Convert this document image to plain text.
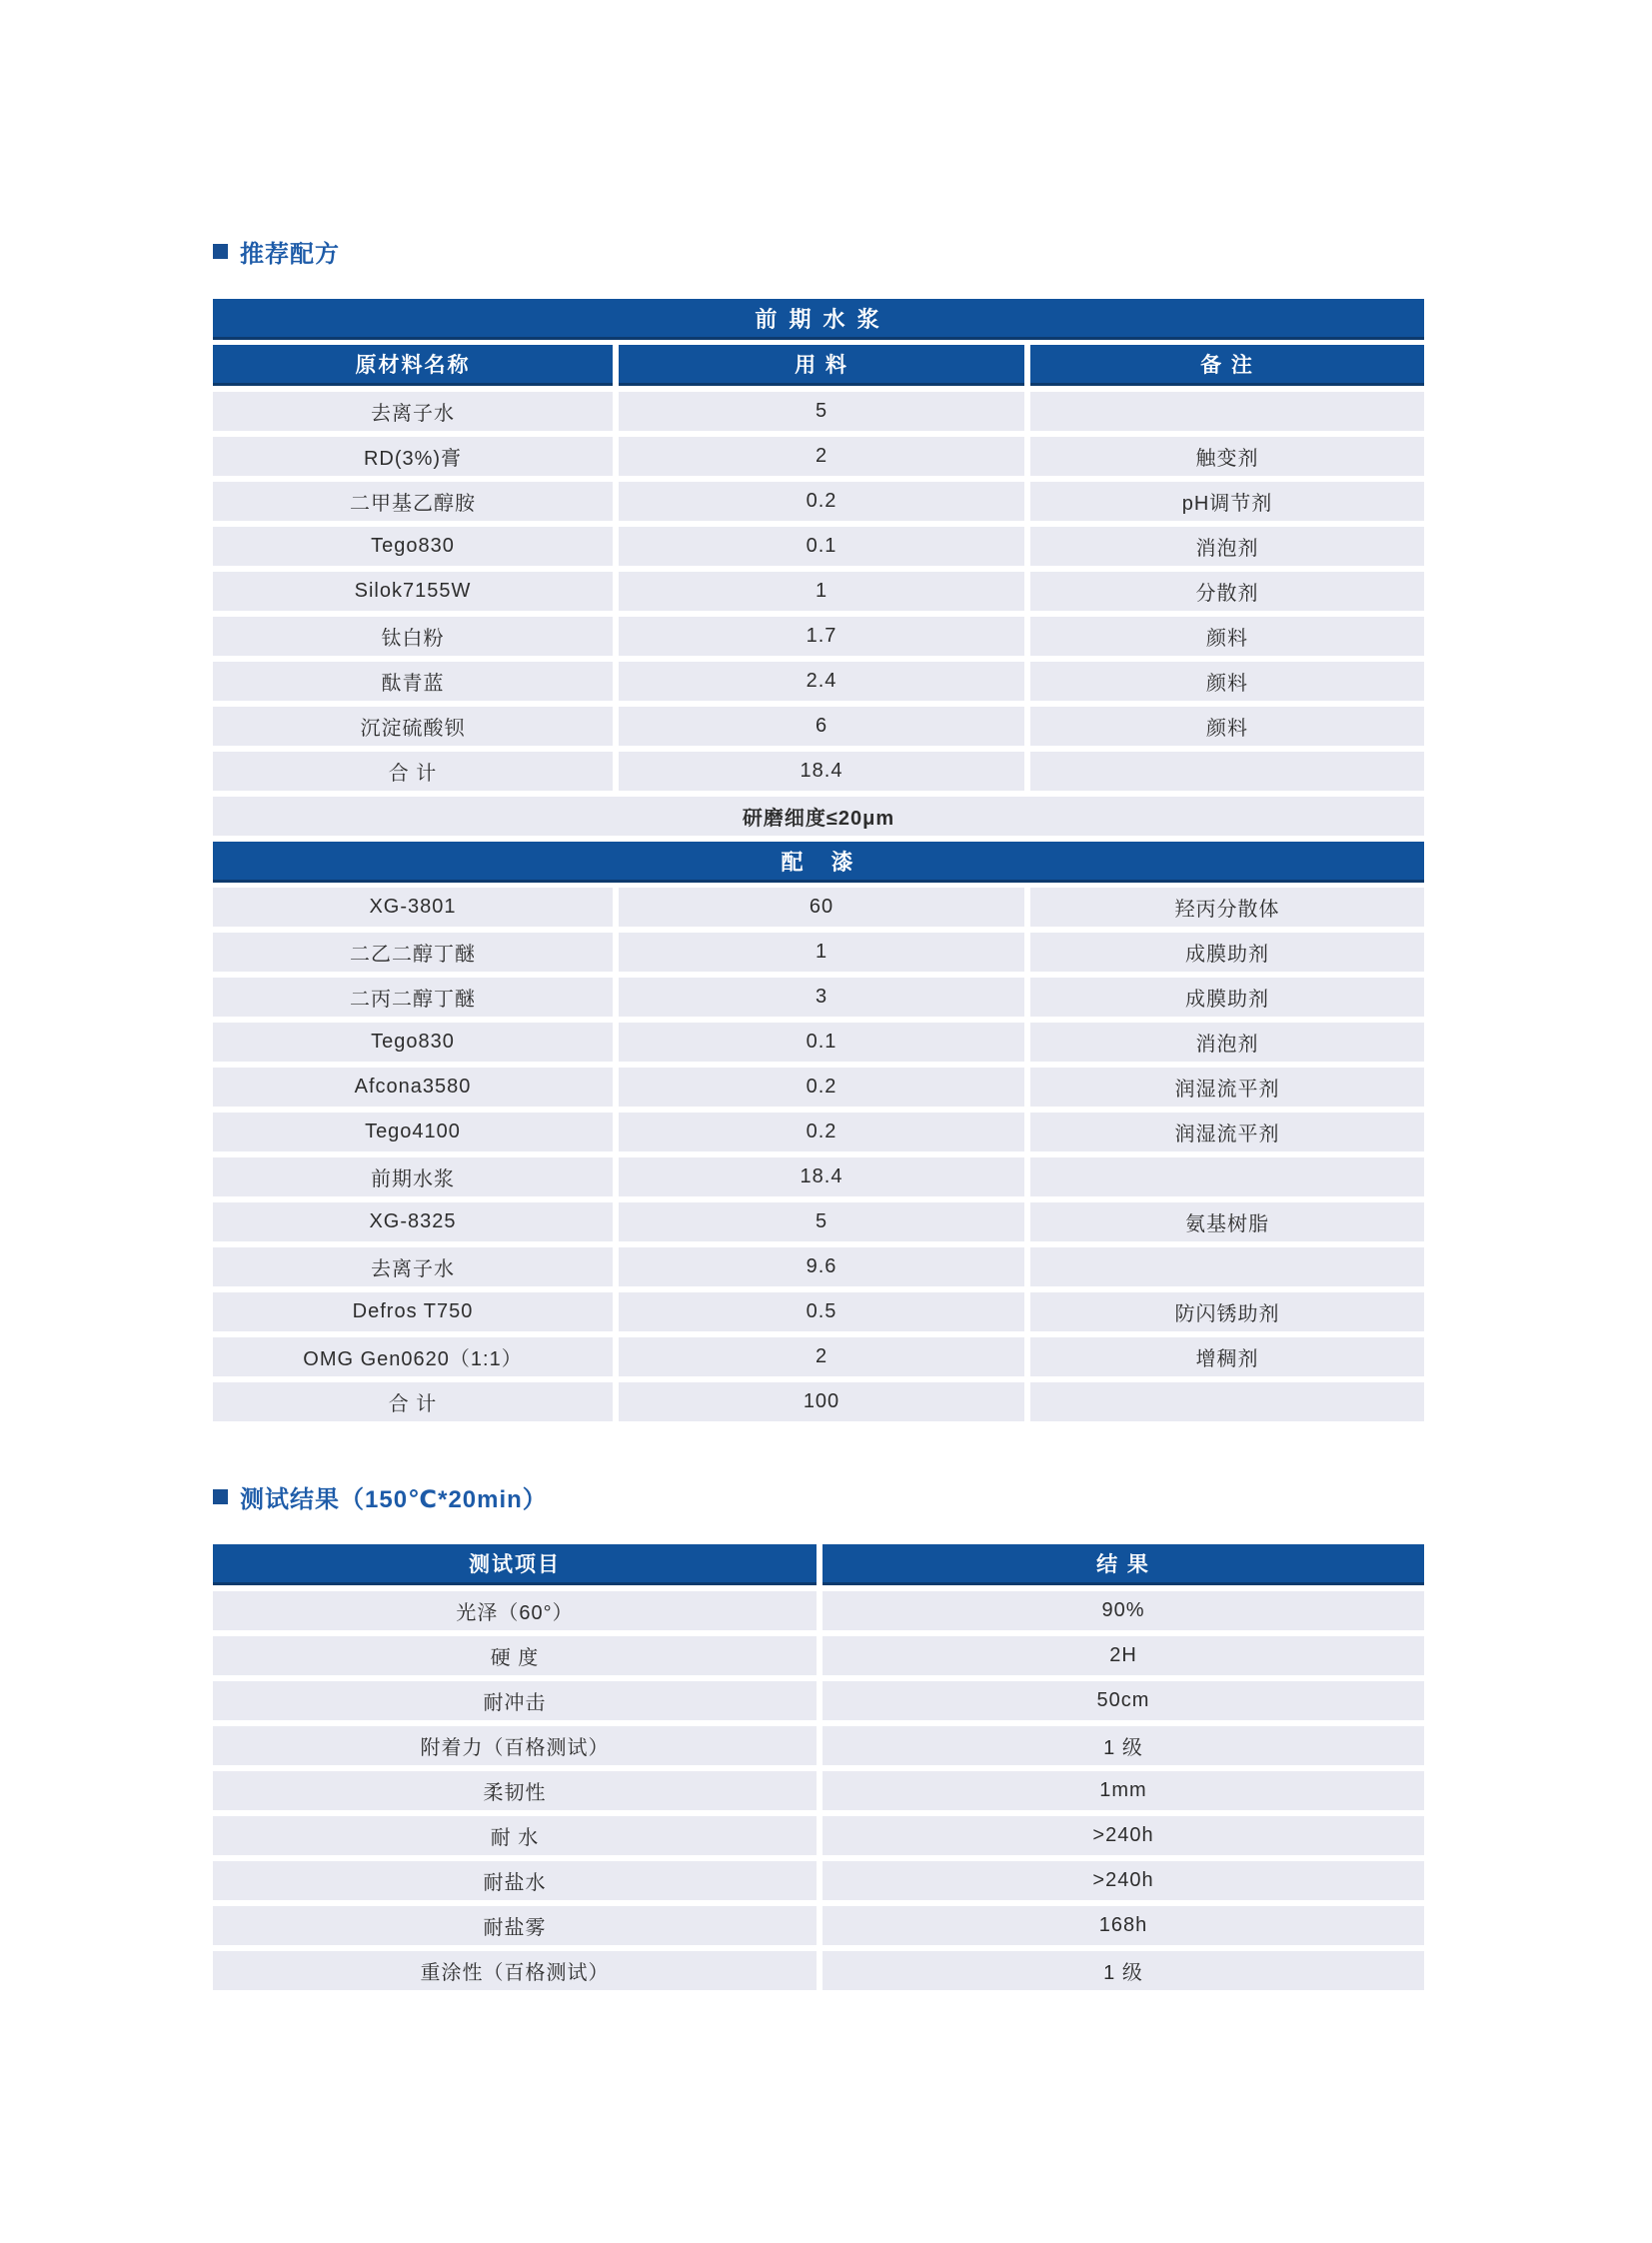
推荐配方
前 期 水 浆
原材料名称	用 料	备 注
去离子水	5
RD(3%)膏	2	触变剂
二甲基乙醇胺	0.2	pH调节剂
Tego830	0.1	消泡剂
Silok7155W	1	分散剂
钛白粉	1.7	颜料
酞青蓝	2.4	颜料
沉淀硫酸钡	6	颜料
合 计	18.4
研磨细度≤20μm
配　漆
XG-3801	60	羟丙分散体
二乙二醇丁醚	1	成膜助剂
二丙二醇丁醚	3	成膜助剂
Tego830	0.1	消泡剂
Afcona3580	0.2	润湿流平剂
Tego4100	0.2	润湿流平剂
前期水浆	18.4
XG-8325	5	氨基树脂
去离子水	9.6
Defros T750	0.5	防闪锈助剂
OMG Gen0620（1:1）	2	增稠剂
合 计	100
测试结果（150℃*20min）
测试项目	结 果
光泽（60°）	90%
硬 度	2H
耐冲击	50cm
附着力（百格测试）	1 级
柔韧性	1mm
耐 水	>240h
耐盐水	>240h
耐盐雾	168h
重涂性（百格测试）	1 级
